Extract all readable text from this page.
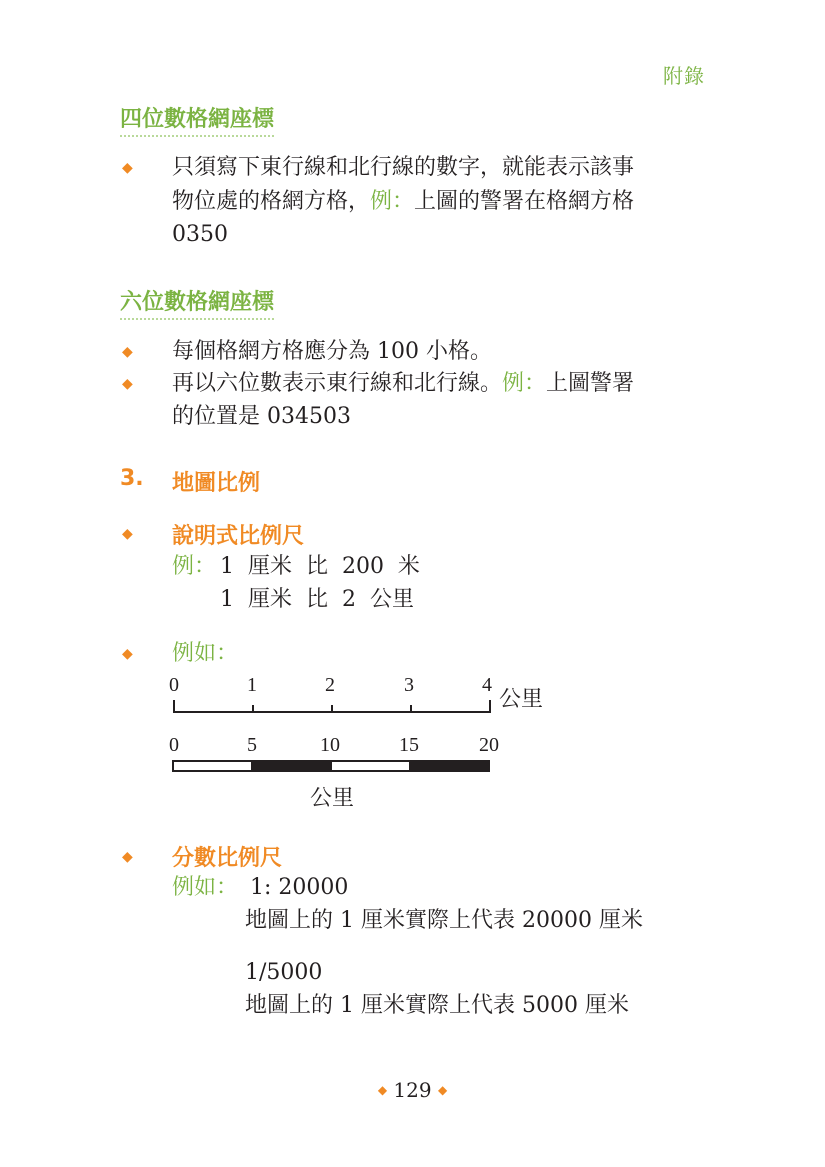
附錄
四位數格網座標
◆ 只須寫下東行線和北行線的數字，就能表示該事
物位處的格網方格，例：上圖的警署在格網方格
0350
六位數格網座標
◆ 每個格網方格應分為 100 小格。
◆ 再以六位數表示東行線和北行線。例：上圖警署
的位置是 034503
3. 地圖比例
◆ 說明式比例尺
例： 1  厘米  比  200  米
1  厘米  比  2  公里
◆ 例如：
0	1	2	3	4
公里
0	5	10	15	20
公里
◆ 分數比例尺
例如： 1: 20000
地圖上的 1 厘米實際上代表 20000 厘米
1/5000
地圖上的 1 厘米實際上代表 5000 厘米
◆ 129 ◆
